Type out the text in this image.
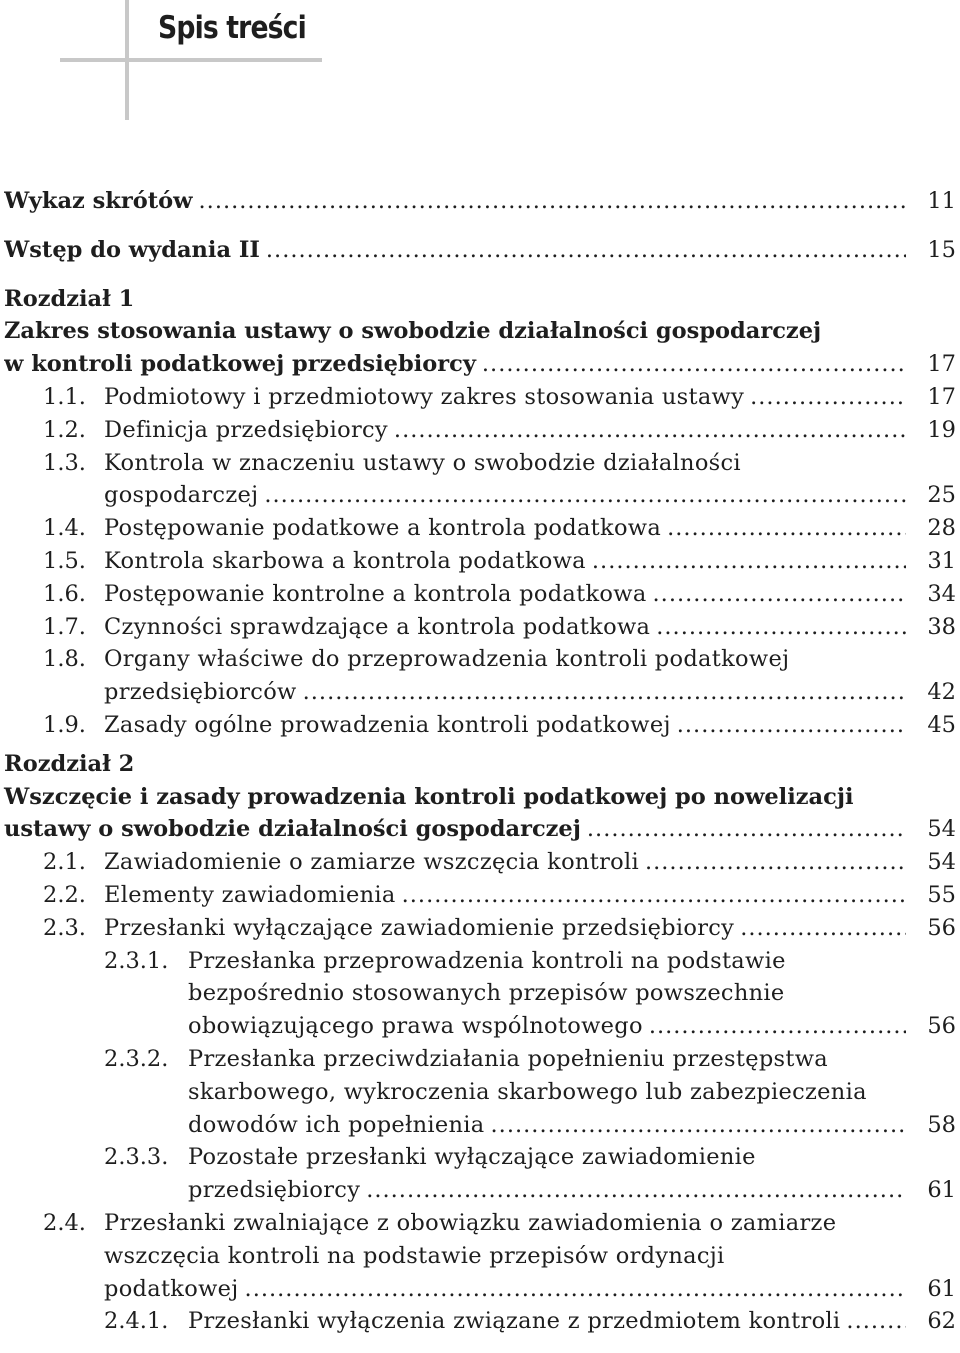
Spis treści
Wykaz skrótów .....	11
Wstęp do wydania II .....	15
Rozdział 1
Zakres stosowania ustawy o swobodzie działalności gospodarczej
w kontroli podatkowej przedsiębiorcy .....	17
1.1. Podmiotowy i przedmiotowy zakres stosowania ustawy .....	17
1.2. Definicja przedsiębiorcy .....	19
1.3. Kontrola w znaczeniu ustawy o swobodzie działalności
gospodarczej .....	25
1.4. Postępowanie podatkowe a kontrola podatkowa .....	28
1.5. Kontrola skarbowa a kontrola podatkowa .....	31
1.6. Postępowanie kontrolne a kontrola podatkowa .....	34
1.7. Czynności sprawdzające a kontrola podatkowa .....	38
1.8. Organy właściwe do przeprowadzenia kontroli podatkowej
przedsiębiorców .....	42
1.9. Zasady ogólne prowadzenia kontroli podatkowej .....	45
Rozdział 2
Wszczęcie i zasady prowadzenia kontroli podatkowej po nowelizacji
ustawy o swobodzie działalności gospodarczej .....	54
2.1. Zawiadomienie o zamiarze wszczęcia kontroli .....	54
2.2. Elementy zawiadomienia .....	55
2.3. Przesłanki wyłączające zawiadomienie przedsiębiorcy .....	56
2.3.1. Przesłanka przeprowadzenia kontroli na podstawie
bezpośrednio stosowanych przepisów powszechnie
obowiązującego prawa wspólnotowego .....	56
2.3.2. Przesłanka przeciwdziałania popełnieniu przestępstwa
skarbowego, wykroczenia skarbowego lub zabezpieczenia
dowodów ich popełnienia .....	58
2.3.3. Pozostałe przesłanki wyłączające zawiadomienie
przedsiębiorcy .....	61
2.4. Przesłanki zwalniające z obowiązku zawiadomienia o zamiarze
wszczęcia kontroli na podstawie przepisów ordynacji
podatkowej .....	61
2.4.1. Przesłanki wyłączenia związane z przedmiotem kontroli .....	62
